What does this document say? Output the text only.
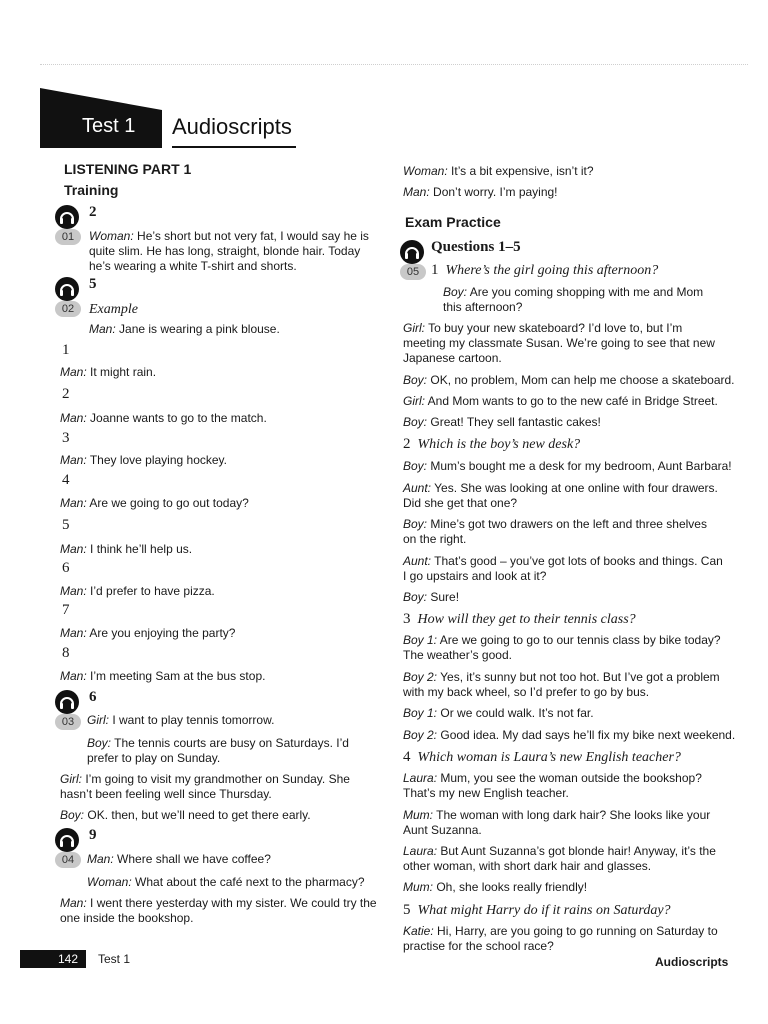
Test 1 Audioscripts
LISTENING PART 1
Training
01
2
Woman: He’s short but not very fat, I would say he is
quite slim. He has long, straight, blonde hair. Today
he’s wearing a white T-shirt and shorts.
02
5
Example
Man: Jane is wearing a pink blouse.
1
Man: It might rain.
2
Man: Joanne wants to go to the match.
3
Man: They love playing hockey.
4
Man: Are we going to go out today?
5
Man: I think he’ll help us.
6
Man: I’d prefer to have pizza.
7
Man: Are you enjoying the party?
8
Man: I’m meeting Sam at the bus stop.
03
6
Girl: I want to play tennis tomorrow.
Boy: The tennis courts are busy on Saturdays. I’d
prefer to play on Sunday.
Girl: I’m going to visit my grandmother on Sunday. She
hasn’t been feeling well since Thursday.
Boy: OK. then, but we’ll need to get there early.
04
9
Man: Where shall we have coffee?
Woman: What about the café next to the pharmacy?
Man: I went there yesterday with my sister. We could try the
one inside the bookshop.
Woman: It’s a bit expensive, isn’t it?
Man: Don’t worry. I’m paying!
Exam Practice
05
Questions 1–5
1 Where’s the girl going this afternoon?
Boy: Are you coming shopping with me and Mom
this afternoon?
Girl: To buy your new skateboard? I’d love to, but I’m
meeting my classmate Susan. We’re going to see that new
Japanese cartoon.
Boy: OK, no problem, Mom can help me choose a skateboard.
Girl: And Mom wants to go to the new café in Bridge Street.
Boy: Great! They sell fantastic cakes!
2 Which is the boy’s new desk?
Boy: Mum’s bought me a desk for my bedroom, Aunt Barbara!
Aunt: Yes. She was looking at one online with four drawers.
Did she get that one?
Boy: Mine’s got two drawers on the left and three shelves
on the right.
Aunt: That’s good – you’ve got lots of books and things. Can
I go upstairs and look at it?
Boy: Sure!
3 How will they get to their tennis class?
Boy 1: Are we going to go to our tennis class by bike today?
The weather’s good.
Boy 2: Yes, it’s sunny but not too hot. But I’ve got a problem
with my back wheel, so I’d prefer to go by bus.
Boy 1: Or we could walk. It’s not far.
Boy 2: Good idea. My dad says he’ll fix my bike next weekend.
4 Which woman is Laura’s new English teacher?
Laura: Mum, you see the woman outside the bookshop?
That’s my new English teacher.
Mum: The woman with long dark hair? She looks like your
Aunt Suzanna.
Laura: But Aunt Suzanna’s got blonde hair! Anyway, it’s the
other woman, with short dark hair and glasses.
Mum: Oh, she looks really friendly!
5 What might Harry do if it rains on Saturday?
Katie: Hi, Harry, are you going to go running on Saturday to
practise for the school race?
142 Test 1	Audioscripts
